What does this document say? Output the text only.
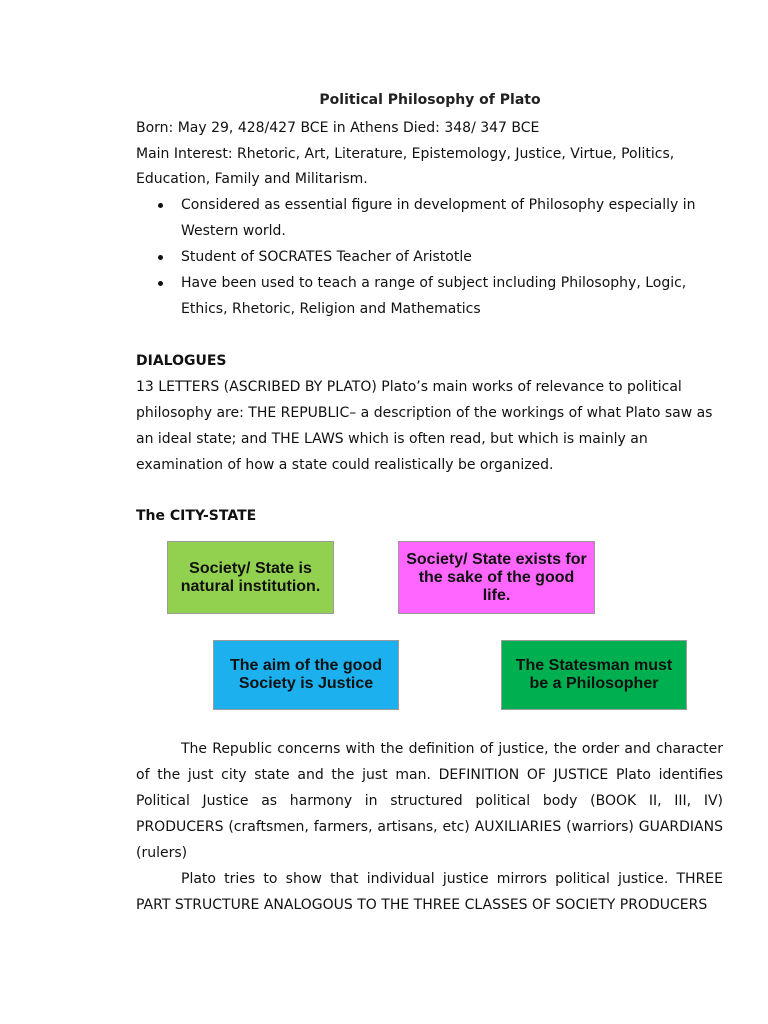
Political Philosophy of Plato
Born: May 29, 428/427 BCE in Athens Died: 348/ 347 BCE
Main Interest: Rhetoric, Art, Literature, Epistemology, Justice, Virtue, Politics,
Education, Family and Militarism.
Considered as essential figure in development of Philosophy especially in Western world.
Student of SOCRATES Teacher of Aristotle
Have been used to teach a range of subject including Philosophy, Logic, Ethics, Rhetoric, Religion and Mathematics
DIALOGUES
13 LETTERS (ASCRIBED BY PLATO) Plato’s main works of relevance to political philosophy are: THE REPUBLIC– a description of the workings of what Plato saw as an ideal state; and THE LAWS which is often read, but which is mainly an examination of how a state could realistically be organized.
The CITY-STATE
Society/ State is natural institution.
Society/ State exists for the sake of the good life.
The aim of the good Society is Justice
The Statesman must be a Philosopher

The Republic concerns with the definition of justice, the order and character of the just city state and the just man. DEFINITION OF JUSTICE Plato identifies Political Justice as harmony in structured political body (BOOK II, III, IV) PRODUCERS (craftsmen, farmers, artisans, etc) AUXILIARIES (warriors) GUARDIANS (rulers)

Plato tries to show that individual justice mirrors political justice. THREE PART STRUCTURE ANALOGOUS TO THE THREE CLASSES OF SOCIETY PRODUCERS
